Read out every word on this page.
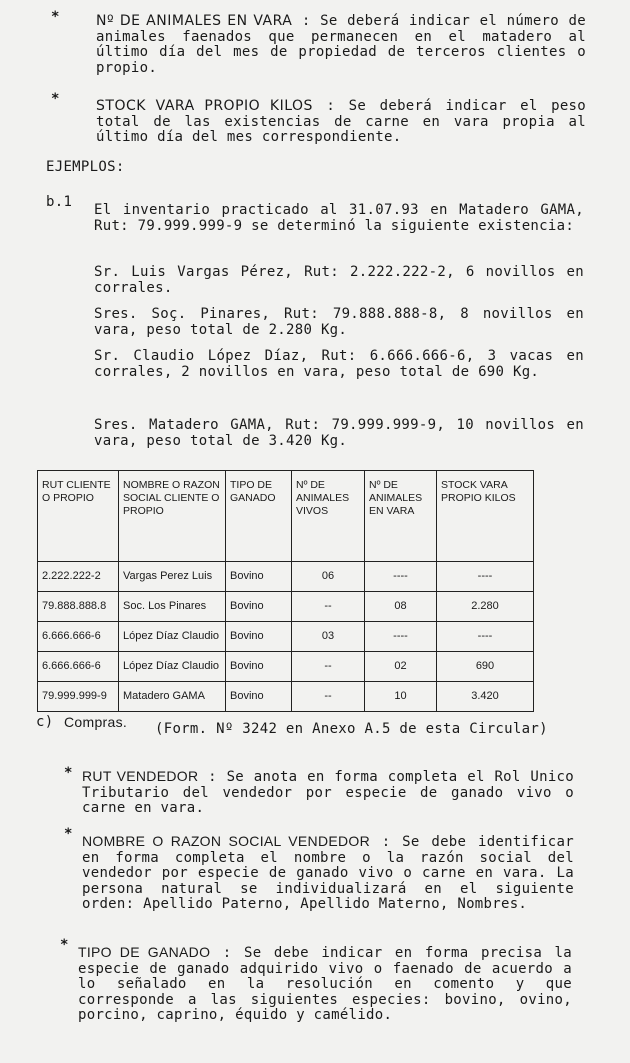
*	Nº DE ANIMALES EN VARA : Se deberá indicar el número de animales faenados que permanecen en el matadero al último día del mes de propiedad de terceros clientes o propio.
*	STOCK VARA PROPIO KILOS : Se deberá indicar el peso total de las existencias de carne en vara propia al último día del mes correspondiente.
EJEMPLOS:
b.1 El inventario practicado al 31.07.93 en Matadero GAMA, Rut: 79.999.999-9 se determinó la siguiente existencia:
Sr. Luis Vargas Pérez, Rut: 2.222.222-2, 6 novillos en corrales.
Sres. Soç. Pinares, Rut: 79.888.888-8, 8 novillos en vara, peso total de 2.280 Kg.
Sr. Claudio López Díaz, Rut: 6.666.666-6, 3 vacas en corrales, 2 novillos en vara, peso total de 690 Kg.
Sres. Matadero GAMA, Rut: 79.999.999-9, 10 novillos en vara, peso total de 3.420 Kg.
RUT CLIENTE O PROPIO	NOMBRE O RAZON SOCIAL CLIENTE O PROPIO	TIPO DE GANADO	Nº DE ANIMALES VIVOS	Nº DE ANIMALES EN VARA	STOCK VARA PROPIO KILOS
2.222.222-2	Vargas Perez Luis	Bovino	06	----	----
79.888.888.8	Soc. Los Pinares	Bovino	--	08	2.280
6.666.666-6	López Díaz Claudio	Bovino	03	----	----
6.666.666-6	López Díaz Claudio	Bovino	--	02	690
79.999.999-9	Matadero GAMA	Bovino	--	10	3.420
c) Compras. (Form. Nº 3242 en Anexo A.5 de esta Circular)
* RUT VENDEDOR : Se anota en forma completa el Rol Unico Tributario del vendedor por especie de ganado vivo o carne en vara.
* NOMBRE O RAZON SOCIAL VENDEDOR : Se debe identificar en forma completa el nombre o la razón social del vendedor por especie de ganado vivo o carne en vara. La persona natural se individualizará en el siguiente orden: Apellido Paterno, Apellido Materno, Nombres.
* TIPO DE GANADO : Se debe indicar en forma precisa la especie de ganado adquirido vivo o faenado de acuerdo a lo señalado en la resolución en comento y que corresponde a las siguientes especies: bovino, ovino, porcino, caprino, équido y camélido.
